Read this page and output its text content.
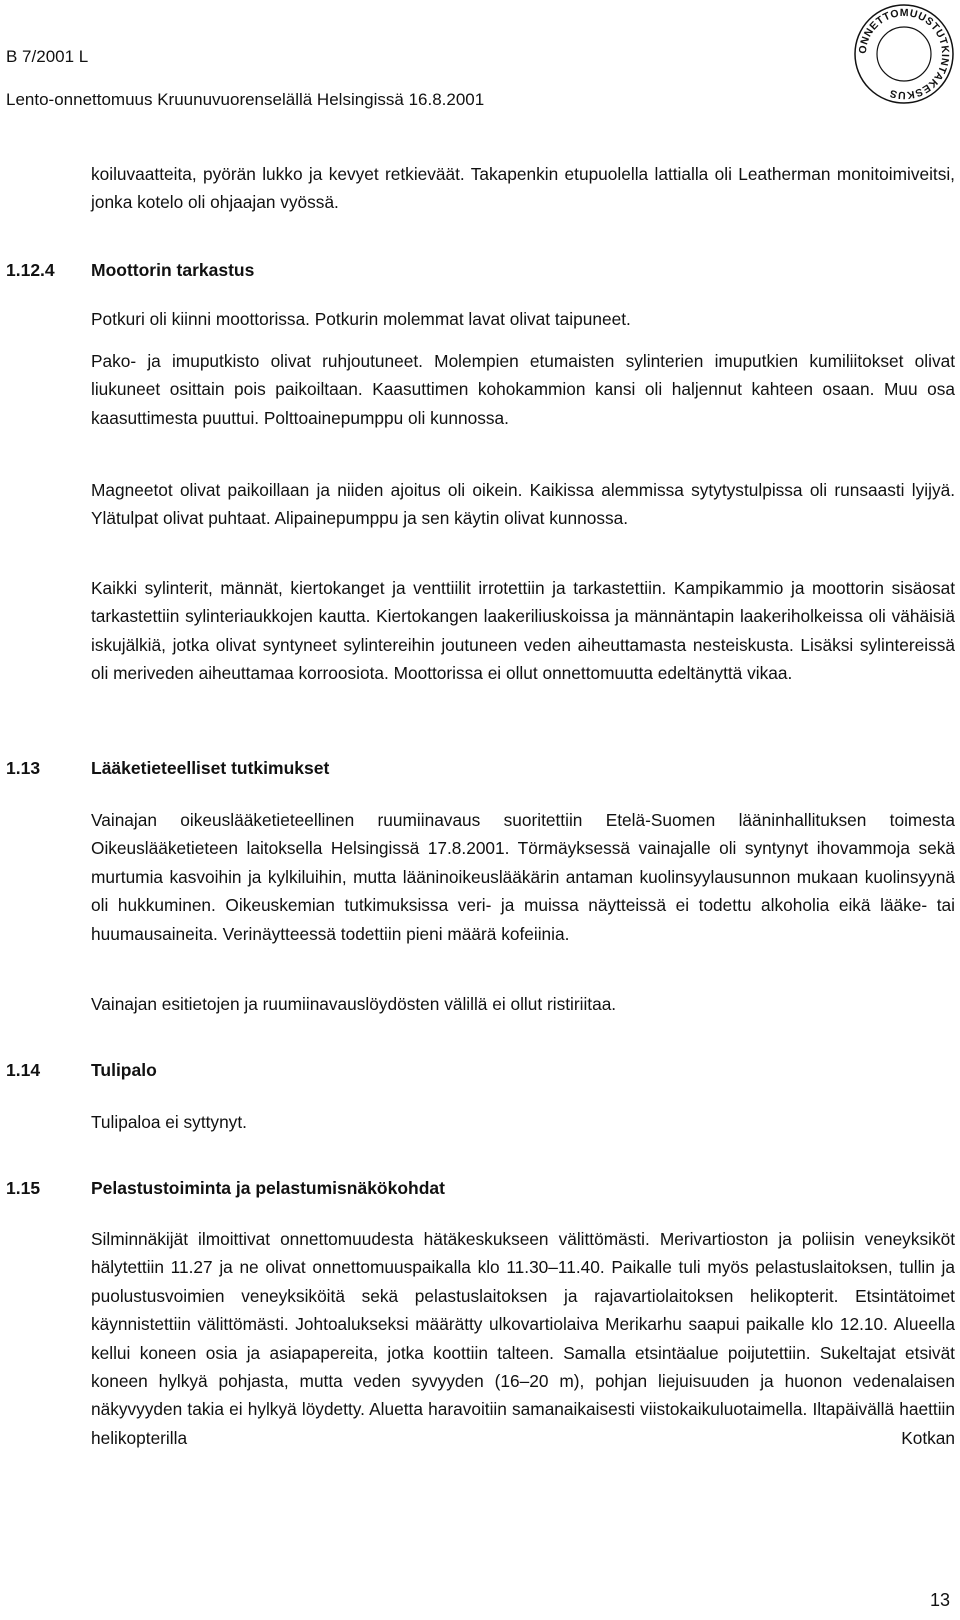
B 7/2001 L
Lento-onnettomuus Kruunuvuorenselällä Helsingissä 16.8.2001
ONNETTOMUUSTUTKINTAKESKUS

koiluvaatteita, pyörän lukko ja kevyet retkieväät. Takapenkin etupuolella lattialla oli Leatherman monitoimiveitsi, jonka kotelo oli ohjaajan vyössä.

1.12.4 Moottorin tarkastus

Potkuri oli kiinni moottorissa. Potkurin molemmat lavat olivat taipuneet.

Pako- ja imuputkisto olivat ruhjoutuneet. Molempien etumaisten sylinterien imuputkien kumiliitokset olivat liukuneet osittain pois paikoiltaan. Kaasuttimen kohokammion kansi oli haljennut kahteen osaan. Muu osa kaasuttimesta puuttui. Polttoainepumppu oli kunnossa.

Magneetot olivat paikoillaan ja niiden ajoitus oli oikein. Kaikissa alemmissa sytytystulpissa oli runsaasti lyijyä. Ylätulpat olivat puhtaat. Alipainepumppu ja sen käytin olivat kunnossa.

Kaikki sylinterit, männät, kiertokanget ja venttiilit irrotettiin ja tarkastettiin. Kampikammio ja moottorin sisäosat tarkastettiin sylinteriaukkojen kautta. Kiertokangen laakeriliuskoissa ja männäntapin laakeriholkeissa oli vähäisiä iskujälkiä, jotka olivat syntyneet sylintereihin joutuneen veden aiheuttamasta nesteiskusta. Lisäksi sylintereissä oli meriveden aiheuttamaa korroosiota. Moottorissa ei ollut onnettomuutta edeltänyttä vikaa.

1.13	Lääketieteelliset tutkimukset

Vainajan oikeuslääketieteellinen ruumiinavaus suoritettiin Etelä-Suomen lääninhallituksen toimesta Oikeuslääketieteen laitoksella Helsingissä 17.8.2001. Törmäyksessä vainajalle oli syntynyt ihovammoja sekä murtumia kasvoihin ja kylkiluihin, mutta lääninoikeuslääkärin antaman kuolinsyylausunnon mukaan kuolinsyynä oli hukkuminen. Oikeuskemian tutkimuksissa veri- ja muissa näytteissä ei todettu alkoholia eikä lääke- tai huumausaineita. Verinäytteessä todettiin pieni määrä kofeiinia.

Vainajan esitietojen ja ruumiinavauslöydösten välillä ei ollut ristiriitaa.

1.14	Tulipalo

Tulipaloa ei syttynyt.

1.15	Pelastustoiminta ja pelastumisnäkökohdat

Silminnäkijät ilmoittivat onnettomuudesta hätäkeskukseen välittömästi. Merivartioston ja poliisin veneyksiköt hälytettiin 11.27 ja ne olivat onnettomuuspaikalla klo 11.30–11.40. Paikalle tuli myös pelastuslaitoksen, tullin ja puolustusvoimien veneyksiköitä sekä pelastuslaitoksen ja rajavartiolaitoksen helikopterit. Etsintätoimet käynnistettiin välittömästi. Johtoalukseksi määrätty ulkovartiolaiva Merikarhu saapui paikalle klo 12.10. Alueella kellui koneen osia ja asiapapereita, jotka koottiin talteen. Samalla etsintäalue poijutettiin. Sukeltajat etsivät koneen hylkyä pohjasta, mutta veden syvyyden (16–20 m), pohjan liejuisuuden ja huonon vedenalaisen näkyvyyden takia ei hylkyä löydetty. Aluetta haravoitiin samanaikaisesti viistokaikuluotaimella. Iltapäivällä haettiin helikopterilla Kotkan

13
